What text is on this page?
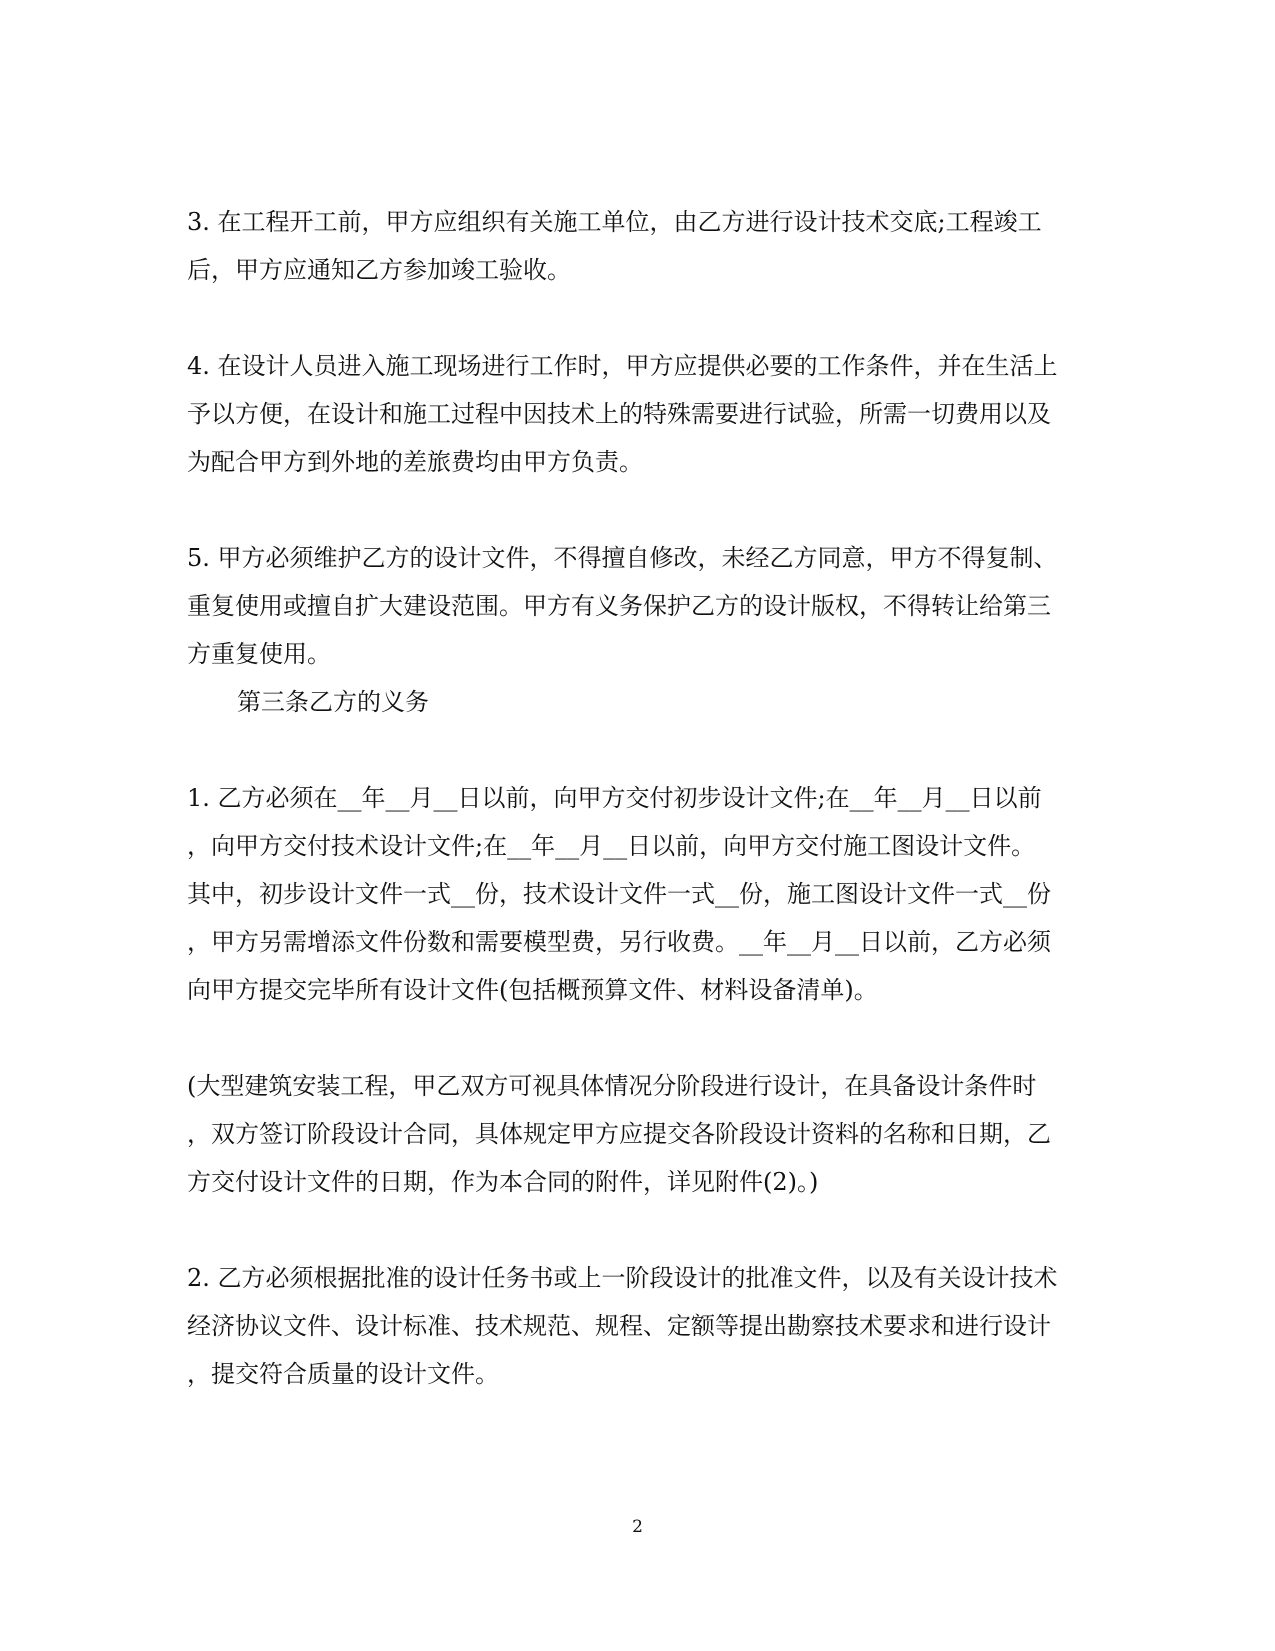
3. 在工程开工前，甲方应组织有关施工单位，由乙方进行设计技术交底;工程竣工

后，甲方应通知乙方参加竣工验收。

4. 在设计人员进入施工现场进行工作时，甲方应提供必要的工作条件，并在生活上

予以方便，在设计和施工过程中因技术上的特殊需要进行试验，所需一切费用以及

为配合甲方到外地的差旅费均由甲方负责。

5. 甲方必须维护乙方的设计文件，不得擅自修改，未经乙方同意，甲方不得复制、

重复使用或擅自扩大建设范围。甲方有义务保护乙方的设计版权，不得转让给第三

方重复使用。

第三条乙方的义务

1. 乙方必须在__年__月__日以前，向甲方交付初步设计文件;在__年__月__日以前

，向甲方交付技术设计文件;在__年__月__日以前，向甲方交付施工图设计文件。

其中，初步设计文件一式__份，技术设计文件一式__份，施工图设计文件一式__份

，甲方另需增添文件份数和需要模型费，另行收费。__年__月__日以前，乙方必须

向甲方提交完毕所有设计文件(包括概预算文件、材料设备清单)。

(大型建筑安装工程，甲乙双方可视具体情况分阶段进行设计，在具备设计条件时

，双方签订阶段设计合同，具体规定甲方应提交各阶段设计资料的名称和日期，乙

方交付设计文件的日期，作为本合同的附件，详见附件(2)。)

2. 乙方必须根据批准的设计任务书或上一阶段设计的批准文件，以及有关设计技术

经济协议文件、设计标准、技术规范、规程、定额等提出勘察技术要求和进行设计

，提交符合质量的设计文件。

2
